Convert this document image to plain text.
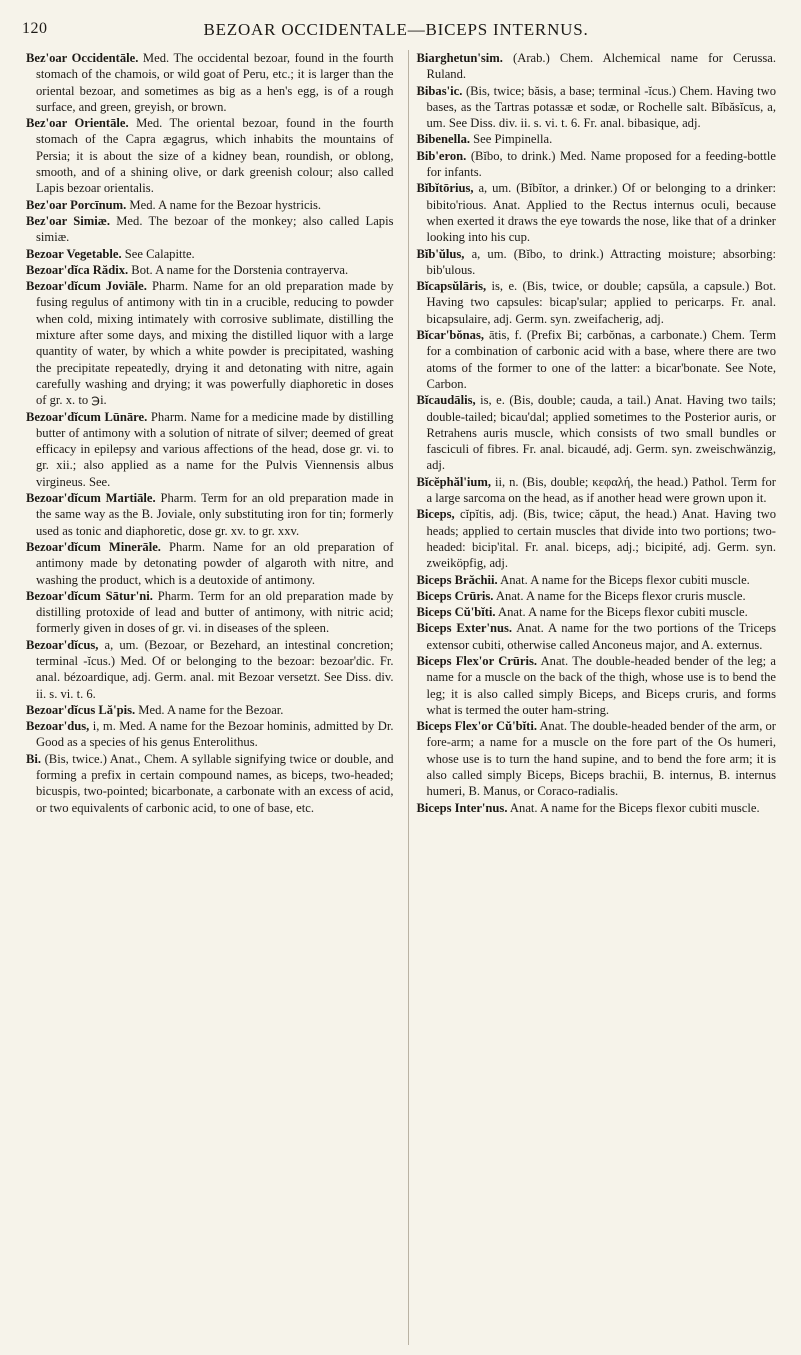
120	BEZOAR OCCIDENTALE—BICEPS INTERNUS.

Bez'oar Occidentāle. Med. The occidental bezoar, found in the fourth stomach of the chamois, or wild goat of Peru, etc.; it is larger than the oriental bezoar, and sometimes as big as a hen's egg, is of a rough surface, and green, greyish, or brown.

Bez'oar Orientāle. Med. The oriental bezoar, found in the fourth stomach of the Capra ægagrus, which inhabits the mountains of Persia; it is about the size of a kidney bean, roundish, or oblong, smooth, and of a shining olive, or dark greenish colour; also called Lapis bezoar orientalis.

Bez'oar Porcīnum. Med. A name for the Bezoar hystricis.

Bez'oar Simiæ. Med. The bezoar of the monkey; also called Lapis simiæ.

Bezoar Vegetable. See Calapitte.

Bezoar'dĭca Rădix. Bot. A name for the Dorstenia contrayerva.

Bezoar'dĭcum Joviāle. Pharm. Name for an old preparation made by fusing regulus of antimony with tin in a crucible, reducing to powder when cold, mixing intimately with corrosive sublimate, distilling the mixture after some days, and mixing the distilled liquor with a large quantity of water, by which a white powder is precipitated, washing the precipitate repeatedly, drying it and detonating with nitre, again carefully washing and drying; it was powerfully diaphoretic in doses of gr. x. to ℈i.

Bezoar'dĭcum Lūnāre. Pharm. Name for a medicine made by distilling butter of antimony with a solution of nitrate of silver; deemed of great efficacy in epilepsy and various affections of the head, dose gr. vi. to gr. xii.; also applied as a name for the Pulvis Viennensis albus virgineus. See.

Bezoar'dĭcum Martiāle. Pharm. Term for an old preparation made in the same way as the B. Joviale, only substituting iron for tin; formerly used as tonic and diaphoretic, dose gr. xv. to gr. xxv.

Bezoar'dĭcum Minerāle. Pharm. Name for an old preparation of antimony made by detonating powder of algaroth with nitre, and washing the product, which is a deutoxide of antimony.

Bezoar'dĭcum Sātur'ni. Pharm. Term for an old preparation made by distilling protoxide of lead and butter of antimony, with nitric acid; formerly given in doses of gr. vi. in diseases of the spleen.

Bezoar'dĭcus, a, um. (Bezoar, or Bezehard, an intestinal concretion; terminal -ĭcus.) Med. Of or belonging to the bezoar: bezoar'dic. Fr. anal. bézoardique, adj. Germ. anal. mit Bezoar versetzt. See Diss. div. ii. s. vi. t. 6.

Bezoar'dĭcus Lă'pis. Med. A name for the Bezoar.

Bezoar'dus, i, m. Med. A name for the Bezoar hominis, admitted by Dr. Good as a species of his genus Enterolithus.

Bi. (Bis, twice.) Anat., Chem. A syllable signifying twice or double, and forming a prefix in certain compound names, as biceps, two-headed; bicuspis, two-pointed; bicarbonate, a carbonate with an excess of acid, or two equivalents of carbonic acid, to one of base, etc.

Biarghetun'sim. (Arab.) Chem. Alchemical name for Cerussa. Ruland.

Bibas'ic. (Bis, twice; băsis, a base; terminal -ĭcus.) Chem. Having two bases, as the Tartras potassæ et sodæ, or Rochelle salt. Bĭbăsĭcus, a, um. See Diss. div. ii. s. vi. t. 6. Fr. anal. bibasique, adj.

Bibenella. See Pimpinella.

Bib'eron. (Bĭbo, to drink.) Med. Name proposed for a feeding-bottle for infants.

Bĭbĭtōrius, a, um. (Bĭbĭtor, a drinker.) Of or belonging to a drinker: bibito'rious. Anat. Applied to the Rectus internus oculi, because when exerted it draws the eye towards the nose, like that of a drinker looking into his cup.

Bĭb'ŭlus, a, um. (Bĭbo, to drink.) Attracting moisture; absorbing: bib'ulous.

Bĭcapsŭlāris, is, e. (Bis, twice, or double; capsŭla, a capsule.) Bot. Having two capsules: bicap'sular; applied to pericarps. Fr. anal. bicapsulaire, adj. Germ. syn. zweifacherig, adj.

Bĭcar'bŏnas, ātis, f. (Prefix Bi; carbŏnas, a carbonate.) Chem. Term for a combination of carbonic acid with a base, where there are two atoms of the former to one of the latter: a bicar'bonate. See Note, Carbon.

Bĭcaudālis, is, e. (Bis, double; cauda, a tail.) Anat. Having two tails; double-tailed; bicau'dal; applied sometimes to the Posterior auris, or Retrahens auris muscle, which consists of two small bundles or fasciculi of fibres. Fr. anal. bicaudé, adj. Germ. syn. zweischwänzig, adj.

Bĭcĕphăl'ium, ii, n. (Bis, double; κεφαλή, the head.) Pathol. Term for a large sarcoma on the head, as if another head were grown upon it.

Biceps, cĭpĭtis, adj. (Bis, twice; căput, the head.) Anat. Having two heads; applied to certain muscles that divide into two portions; two-headed: bicip'ital. Fr. anal. biceps, adj.; bicipité, adj. Germ. syn. zweiköpfig, adj.

Biceps Brăchii. Anat. A name for the Biceps flexor cubiti muscle.

Biceps Crūris. Anat. A name for the Biceps flexor cruris muscle.

Biceps Cŭ'bĭti. Anat. A name for the Biceps flexor cubiti muscle.

Biceps Exter'nus. Anat. A name for the two portions of the Triceps extensor cubiti, otherwise called Anconeus major, and A. externus.

Biceps Flex'or Crūris. Anat. The double-headed bender of the leg; a name for a muscle on the back of the thigh, whose use is to bend the leg; it is also called simply Biceps, and Biceps cruris, and forms what is termed the outer ham-string.

Biceps Flex'or Cŭ'bĭti. Anat. The double-headed bender of the arm, or fore-arm; a name for a muscle on the fore part of the Os humeri, whose use is to turn the hand supine, and to bend the fore arm; it is also called simply Biceps, Biceps brachii, B. internus, B. internus humeri, B. Manus, or Coraco-radialis.

Biceps Inter'nus. Anat. A name for the Biceps flexor cubiti muscle.
